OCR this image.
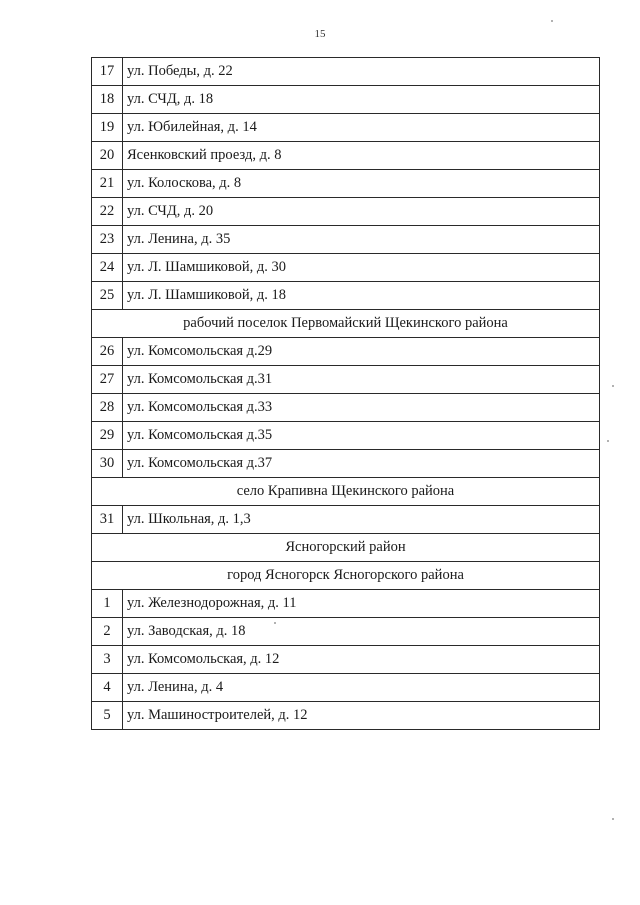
15
17	ул. Победы, д. 22
18	ул. СЧД, д. 18
19	ул. Юбилейная, д. 14
20	Ясенковский проезд, д. 8
21	ул. Колоскова, д. 8
22	ул. СЧД, д. 20
23	ул. Ленина, д. 35
24	ул. Л. Шамшиковой, д. 30
25	ул. Л. Шамшиковой, д. 18
рабочий поселок Первомайский Щекинского района	
26	ул. Комсомольская д.29
27	ул. Комсомольская д.31
28	ул. Комсомольская д.33
29	ул. Комсомольская д.35
30	ул. Комсомольская д.37
село Крапивна Щекинского района	
31	ул. Школьная, д. 1,3
Ясногорский район	
город Ясногорск Ясногорского района	
1	ул. Железнодорожная, д. 11
2	ул. Заводская, д. 18
3	ул. Комсомольская, д. 12
4	ул. Ленина, д. 4
5	ул. Машиностроителей, д. 12
